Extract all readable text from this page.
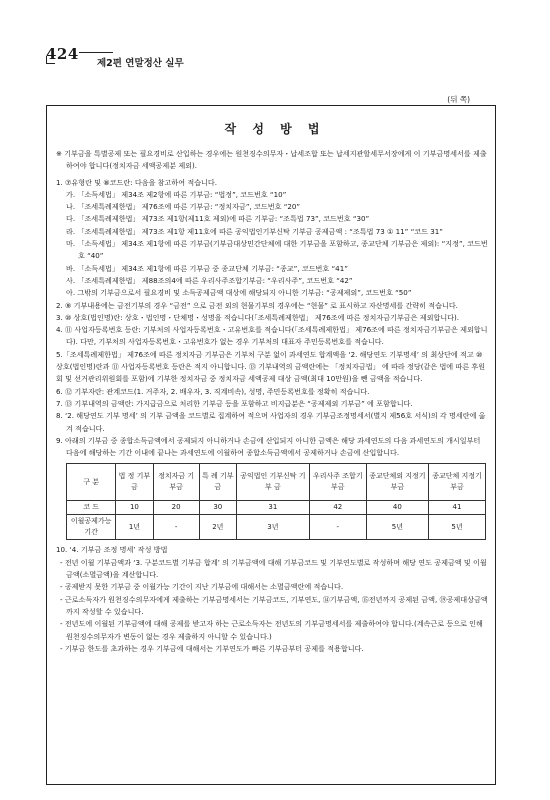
424
제2편 연말정산 실무
(뒤 쪽)
작 성 방 법

※ 기부금을 특별공제 또는 필요경비로 산입하는 경우에는 원천징수의무자・납세조합 또는 납세지관할세무서장에게 이 기부금명세서를 제출하여야 합니다(정치자금 세액공제분 제외).

1. ⑦유형란 및 ⑧코드란: 다음을 참고하여 적습니다.

가. 「소득세법」 제34조 제2항에 따른 기부금: “법정”, 코드번호 “10”

나. 「조세특례제한법」 제76조에 따른 기부금: “정치자금”, 코드번호 “20”

다. 「조세특례제한법」 제73조 제1항(제11호 제외)에 따른 기부금: “조특법 73”, 코드번호 “30”

라. 「조세특례제한법」 제73조 제1항 제11호에 따른 공익법인기부신탁 기부금 공제금액 : “조특법 73 ① 11” “코드 31”

마. 「소득세법」 제34조 제1항에 따른 기부금(기부금대상민간단체에 대한 기부금을 포함하고, 종교단체 기부금은 제외): “지정”, 코드번호 “40”

바. 「소득세법」 제34조 제1항에 따른 기부금 중 종교단체 기부금: “종교”, 코드번호 “41”

사. 「조세특례제한법」 제88조의4에 따른 우리사주조합기부금: “우리사주”, 코드번호 “42”

아. 그밖의 기부금으로서 필요경비 및 소득공제금액 대상에 해당되지 아니한 기부금: “공제제외”, 코드번호 “50”

2. ⑨ 기부내용에는 금전기부의 경우 “금전” 으로 금전 외의 현물기부의 경우에는 “현물” 로 표시하고 자산명세를 간략히 적습니다.

3. ⑩ 상호(법인명)란: 상호・법인명・단체명・성명을 적습니다(「조세특례제한법」 제76조에 따른 정치자금기부금은 제외합니다).

4. ⑪ 사업자등록번호 등란: 기부처의 사업자등록번호・고유번호를 적습니다(「조세특례제한법」 제76조에 따른 정치자금기부금은 제외합니다). 다만, 기부처의 사업자등록번호・고유번호가 없는 경우 기부처의 대표자 주민등록번호를 적습니다.

5.「조세특례제한법」 제76조에 따른 정치자금 기부금은 기부처 구분 없이 과세연도 합계액을 ‘2. 해당연도 기부명세’ 의 최상단에 적고 ⑩ 상호(법인명)란과 ⑪ 사업자등록번호 등란은 적지 아니합니다. ⑬ 기부내역의 금액란에는 「정치자금법」 에 따라 정당(같은 법에 따른 후원회 및 선거관리위원회를 포함)에 기부한 정치자금 중 정치자금 세액공제 대상 금액(최대 10만원)을 뺀 금액을 적습니다.

6. ⑫ 기부자란: 관계코드(1. 거주자, 2. 배우자, 3. 직계비속), 성명, 주민등록번호를 정확히 적습니다.

7. ⑬ 기부내역의 금액란: 가지급금으로 처리한 기부금 등을 포함하고 비지급분은 “공제제외 기부금” 에 포함합니다.

8. ‘2. 해당연도 기부 명세’ 의 기부 금액을 코드별로 집계하여 적으며 사업자의 경우 기부금조정명세서(별지 제56호 서식)의 각 명세란에 옮겨 적습니다.

9. 아래의 기부금 중 종합소득금액에서 공제되지 아니하거나 손금에 산입되지 아니한 금액은 해당 과세연도의 다음 과세연도의 개시일부터 다음에 해당하는 기간 이내에 끝나는 과세연도에 이월하여 종합소득금액에서 공제하거나 손금에 산입합니다.

구 분	법 정 기부금	정치자금 기부금	특 례 기부금	공익법인 기부신탁 기 부 금	우리사주 조합기부금	종교단체외 지정기부금	종교단체 지정기부금
코 드	10	20	30	31	42	40	41
이월공제가능기간	1년	-	2년	3년	-	5년	5년

10. ‘4. 기부금 조정 명세’ 작성 방법

- 전년 이월 기부금액과 ‘3. 구분코드별 기부금 합계’ 의 기부금액에 대해 기부금코드 및 기부연도별로 작성하며 해당 연도 공제금액 및 이월금액(소멸금액)을 계산합니다.

- 공제받지 못한 기부금 중 이월가능 기간이 지난 기부금에 대해서는 소멸금액란에 적습니다.

- 근로소득자가 원천징수의무자에게 제출하는 기부금명세서는 기부금코드, 기부연도, ⑭기부금액, ⑮전년까지 공제된 금액, ⑲공제대상금액까지 작성할 수 있습니다.

- 전년도에 이월된 기부금액에 대해 공제를 받고자 하는 근로소득자는 전년도의 기부금명세서를 제출하여야 합니다.(계속근로 등으로 인해 원천징수의무자가 변동이 없는 경우 제출하지 아니할 수 있습니다.)

- 기부금 한도를 초과하는 경우 기부금에 대해서는 기부연도가 빠른 기부금부터 공제를 적용합니다.
